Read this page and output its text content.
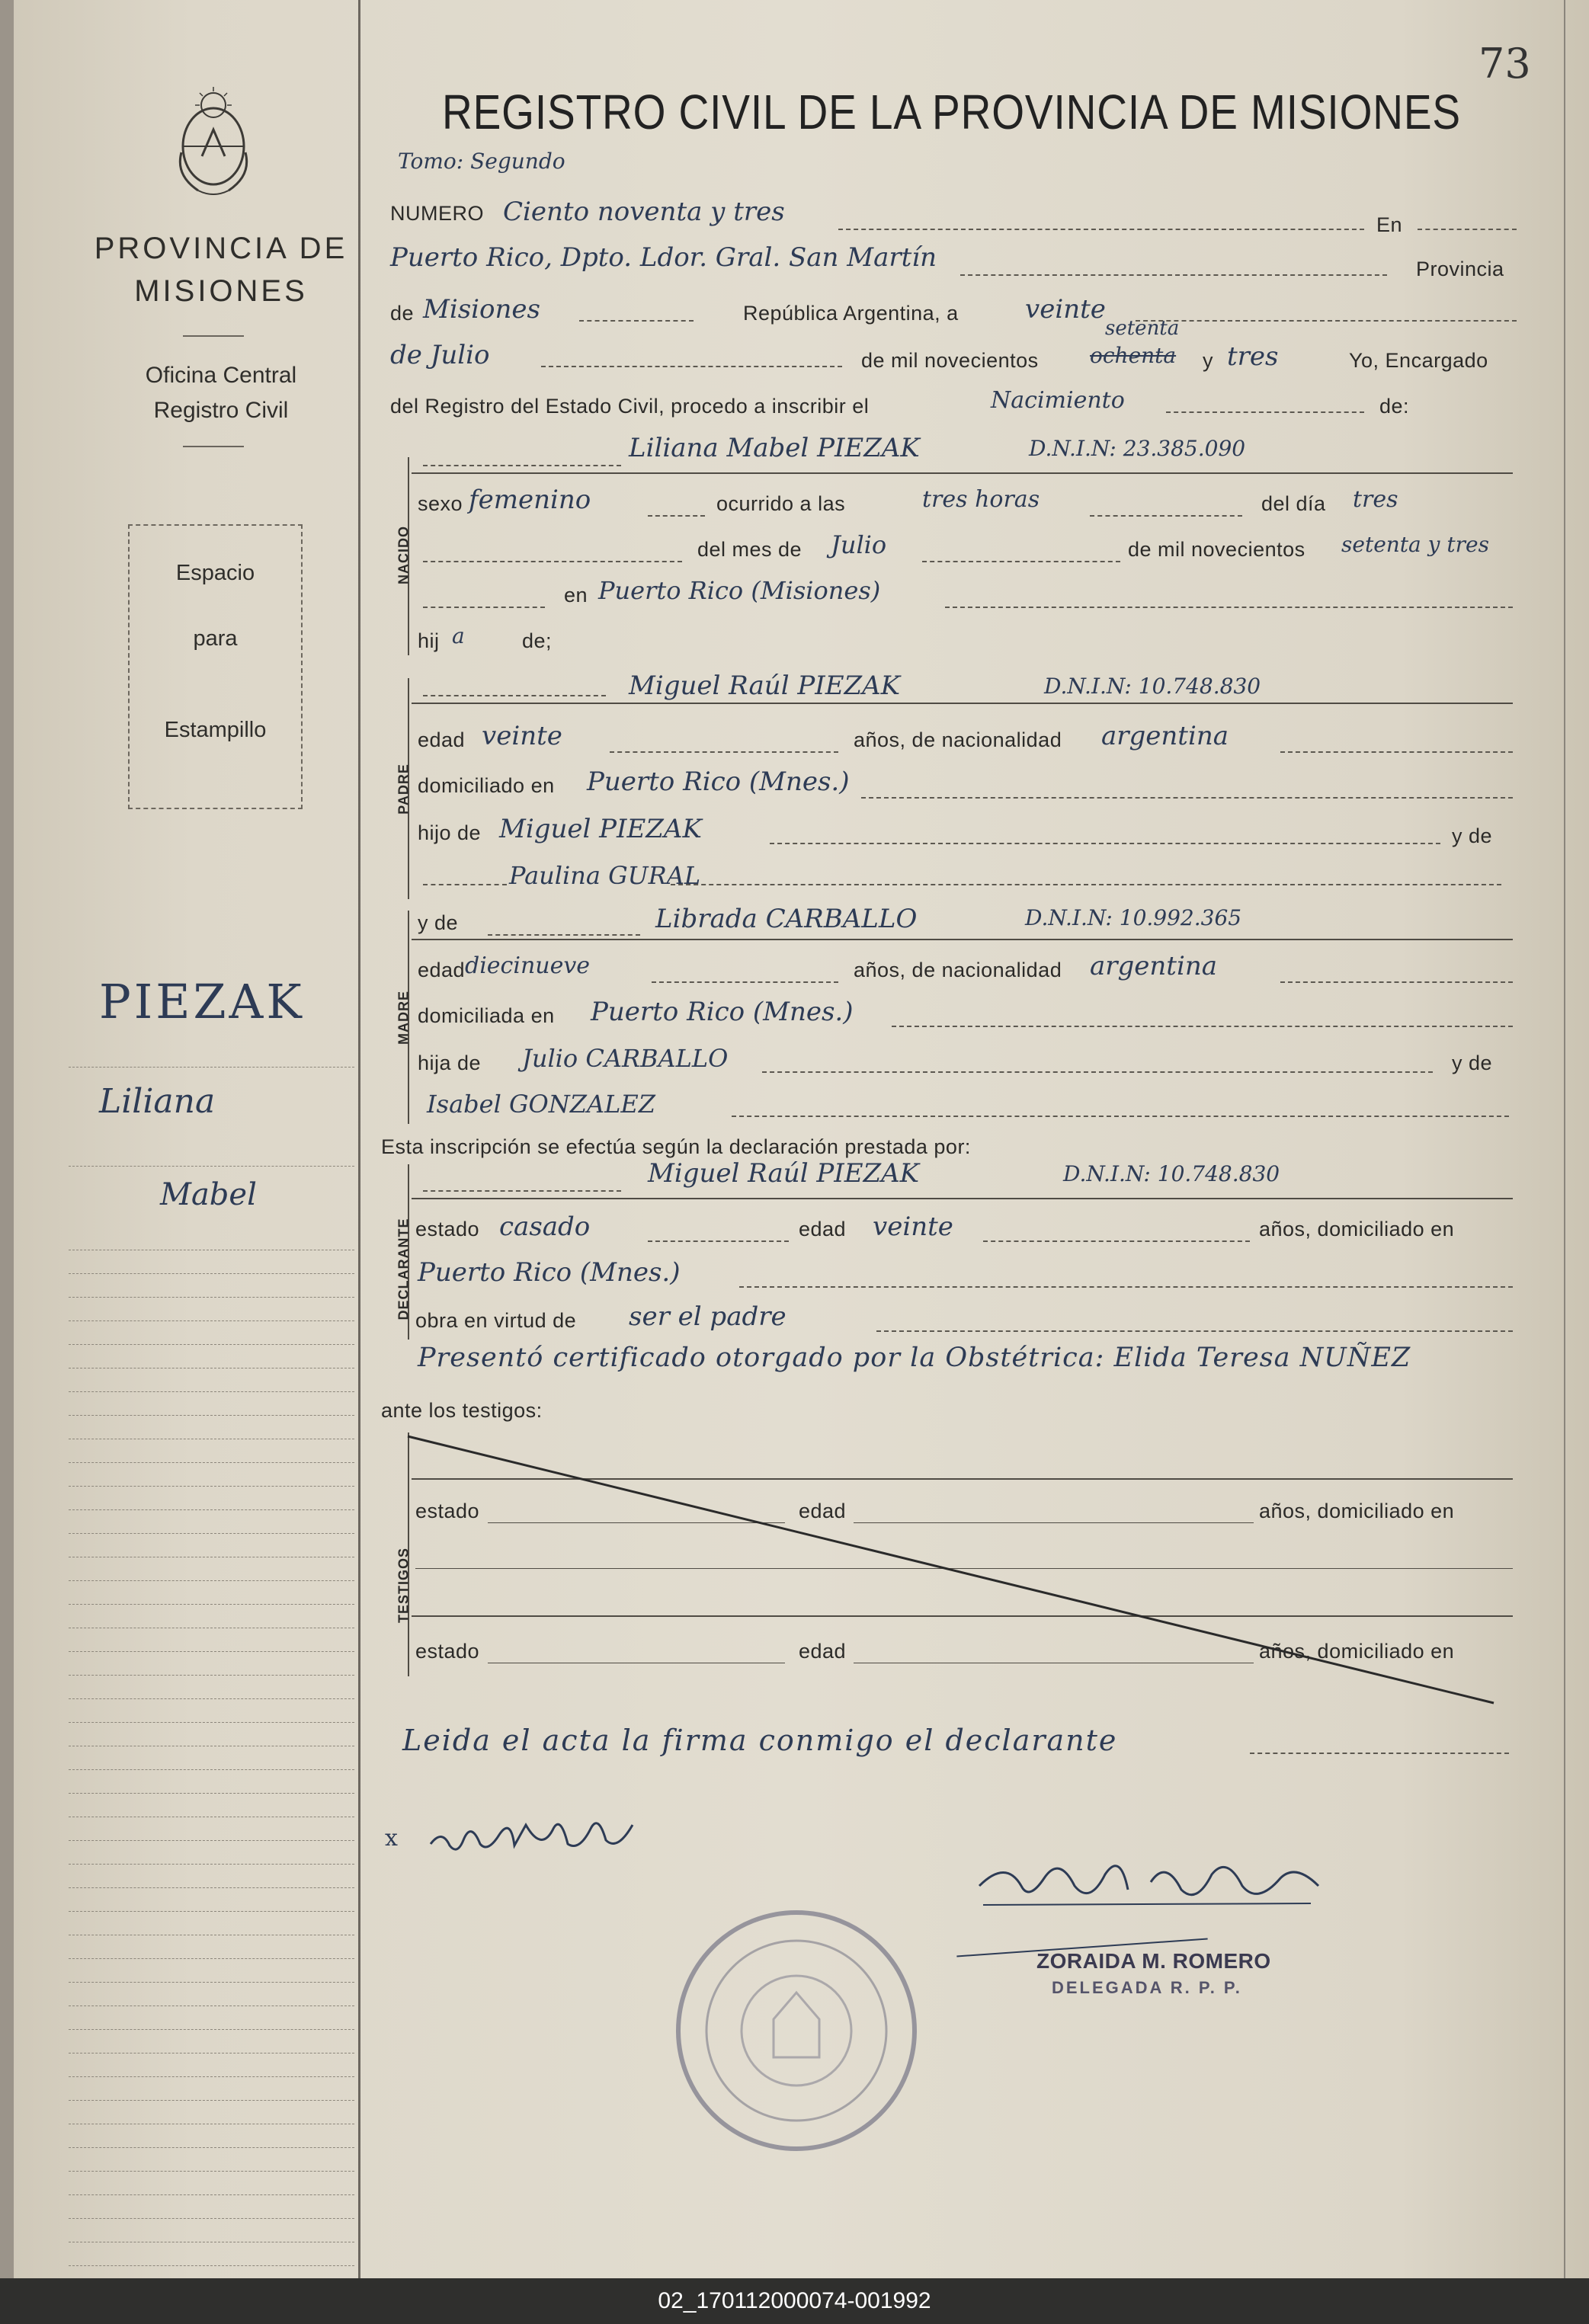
73
PROVINCIA DE
MISIONES
Oficina Central
Registro Civil
Espacio
para
Estampillo
PIEZAK
Liliana
Mabel
REGISTRO CIVIL DE LA PROVINCIA DE MISIONES
Tomo: Segundo
NUMERO Ciento noventa y tres	En
Puerto Rico, Dpto. Ldor. Gral. San Martín	Provincia
de Misiones	República Argentina, a	veinte
de Julio	de mil novecientos ochenta
setenta
y tres	Yo, Encargado
del Registro del Estado Civil, procedo a inscribir el	Nacimiento	de:
NACIDO
Liliana Mabel PIEZAK	D.N.I.N: 23.385.090
sexo femenino	ocurrido a las	tres horas	del día tres
del mes de Julio	de mil novecientos setenta y tres
en Puerto Rico (Misiones)
hij a	de;
PADRE
Miguel Raúl PIEZAK	D.N.I.N: 10.748.830
edad veinte	años, de nacionalidad argentina
domiciliado en Puerto Rico (Mnes.)
hijo de Miguel PIEZAK	y de
Paulina GURAL
MADRE
y de	Librada CARBALLO	D.N.I.N: 10.992.365
edad diecinueve	años, de nacionalidad argentina
domiciliada en Puerto Rico (Mnes.)
hija de Julio CARBALLO	y de
Isabel GONZALEZ
Esta inscripción se efectúa según la declaración prestada por:
DECLARANTE
Miguel Raúl PIEZAK	D.N.I.N: 10.748.830
estado casado	edad veinte	años, domiciliado en
Puerto Rico (Mnes.)
obra en virtud de ser el padre
Presentó certificado otorgado por la Obstétrica: Elida Teresa NUÑEZ
ante los testigos:
TESTIGOS
estado	edad	años, domiciliado en
estado	edad	años, domiciliado en
Leida el acta la firma conmigo el declarante
x
ZORAIDA M. ROMERO
DELEGADA R. P. P.
02_170112000074-001992
